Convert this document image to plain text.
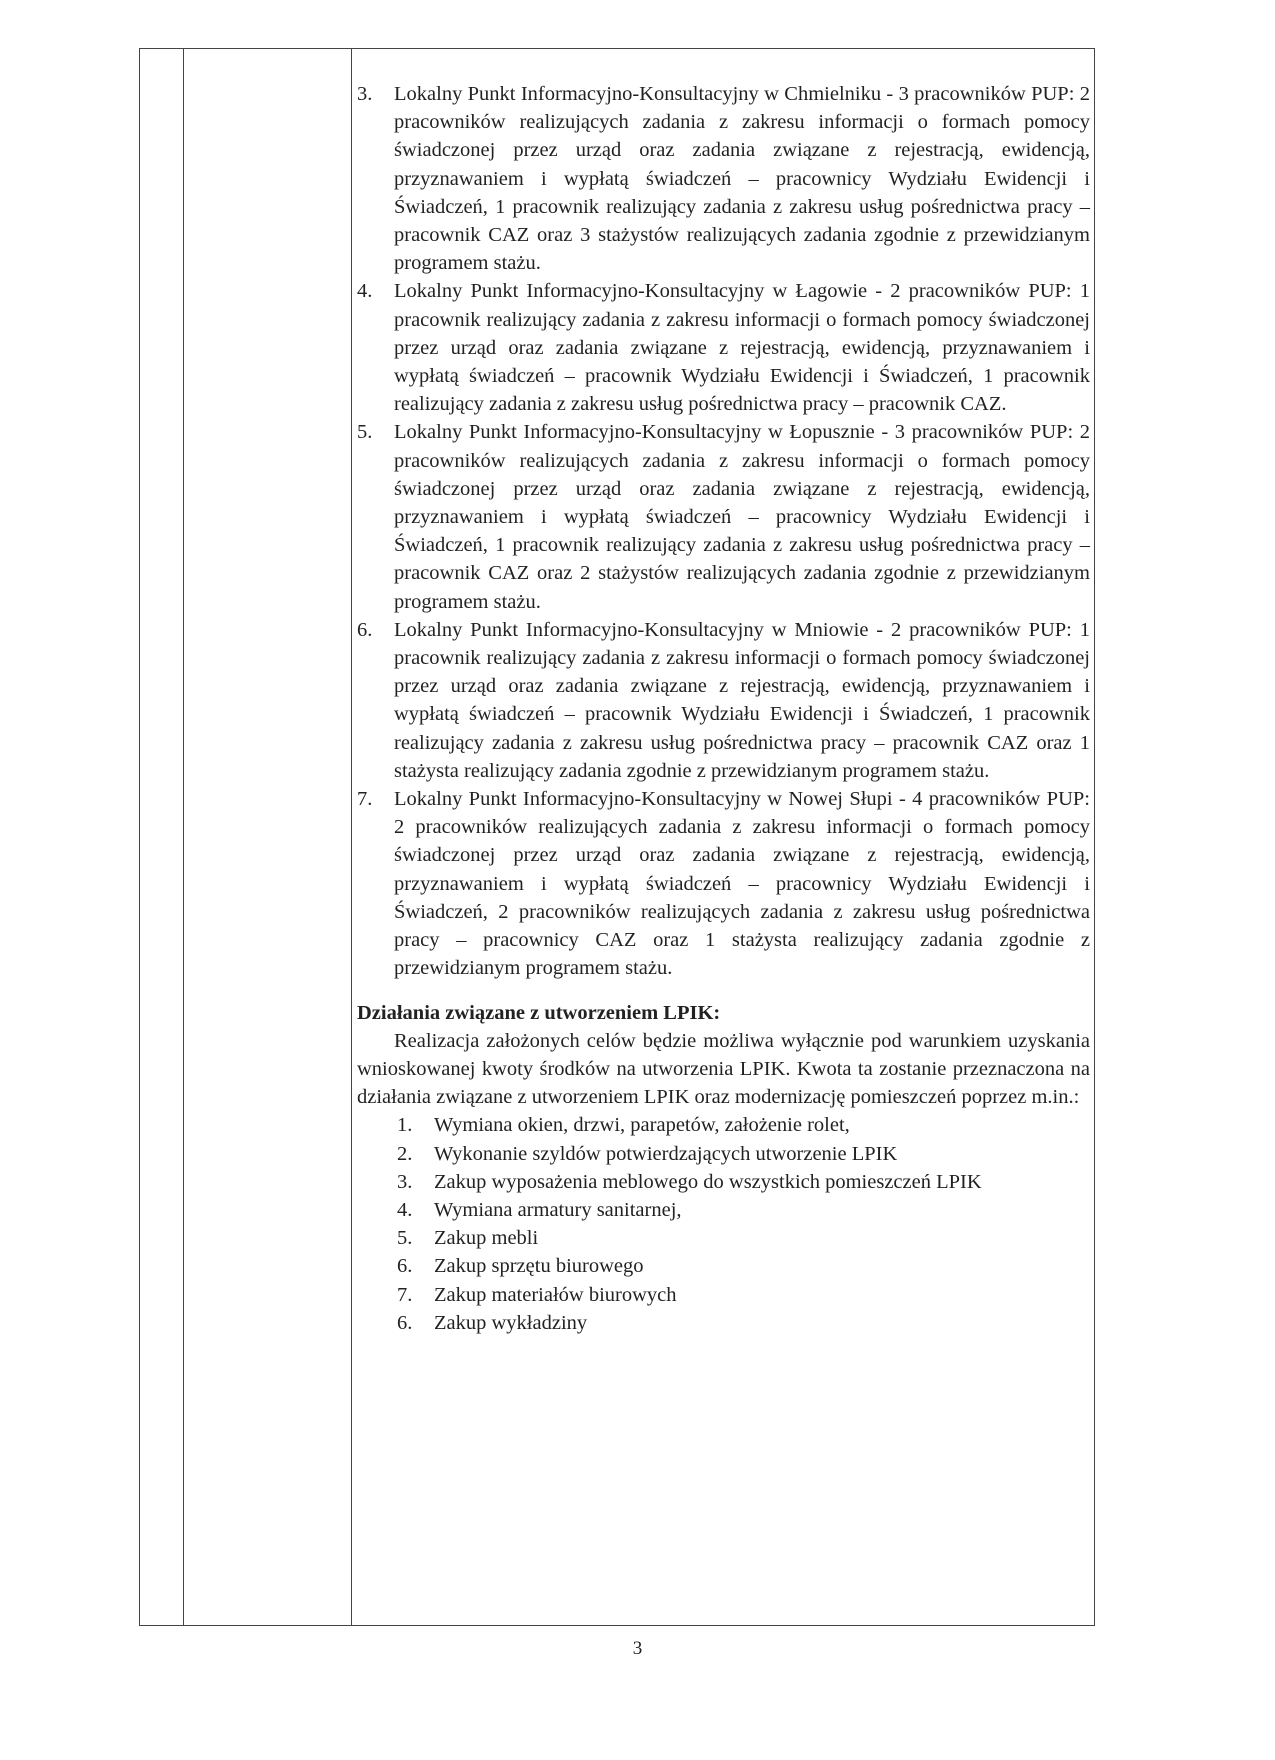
3. Lokalny Punkt Informacyjno-Konsultacyjny w Chmielniku - 3 pracowników PUP: 2 pracowników realizujących zadania z zakresu informacji o formach pomocy świadczonej przez urząd oraz zadania związane z rejestracją, ewidencją, przyznawaniem i wypłatą świadczeń – pracownicy Wydziału Ewidencji i Świadczeń, 1 pracownik realizujący zadania z zakresu usług pośrednictwa pracy – pracownik CAZ oraz 3 stażystów realizujących zadania zgodnie z przewidzianym programem stażu.
4. Lokalny Punkt Informacyjno-Konsultacyjny w Łagowie - 2 pracowników PUP: 1 pracownik realizujący zadania z zakresu informacji o formach pomocy świadczonej przez urząd oraz zadania związane z rejestracją, ewidencją, przyznawaniem i wypłatą świadczeń – pracownik Wydziału Ewidencji i Świadczeń, 1 pracownik realizujący zadania z zakresu usług pośrednictwa pracy – pracownik CAZ.
5. Lokalny Punkt Informacyjno-Konsultacyjny w Łopusznie - 3 pracowników PUP: 2 pracowników realizujących zadania z zakresu informacji o formach pomocy świadczonej przez urząd oraz zadania związane z rejestracją, ewidencją, przyznawaniem i wypłatą świadczeń – pracownicy Wydziału Ewidencji i Świadczeń, 1 pracownik realizujący zadania z zakresu usług pośrednictwa pracy – pracownik CAZ oraz 2 stażystów realizujących zadania zgodnie z przewidzianym programem stażu.
6. Lokalny Punkt Informacyjno-Konsultacyjny w Mniowie - 2 pracowników PUP: 1 pracownik realizujący zadania z zakresu informacji o formach pomocy świadczonej przez urząd oraz zadania związane z rejestracją, ewidencją, przyznawaniem i wypłatą świadczeń – pracownik Wydziału Ewidencji i Świadczeń, 1 pracownik realizujący zadania z zakresu usług pośrednictwa pracy – pracownik CAZ oraz 1 stażysta realizujący zadania zgodnie z przewidzianym programem stażu.
7. Lokalny Punkt Informacyjno-Konsultacyjny w Nowej Słupi - 4 pracowników PUP: 2 pracowników realizujących zadania z zakresu informacji o formach pomocy świadczonej przez urząd oraz zadania związane z rejestracją, ewidencją, przyznawaniem i wypłatą świadczeń – pracownicy Wydziału Ewidencji i Świadczeń, 2 pracowników realizujących zadania z zakresu usług pośrednictwa pracy – pracownicy CAZ oraz 1 stażysta realizujący zadania zgodnie z przewidzianym programem stażu.
Działania związane z utworzeniem LPIK:
Realizacja założonych celów będzie możliwa wyłącznie pod warunkiem uzyskania wnioskowanej kwoty środków na utworzenia LPIK. Kwota ta zostanie przeznaczona na działania związane z utworzeniem LPIK oraz modernizację pomieszczeń poprzez m.in.:
1. Wymiana okien, drzwi, parapetów, założenie rolet,
2. Wykonanie szyldów potwierdzających utworzenie LPIK
3. Zakup wyposażenia meblowego do wszystkich pomieszczeń LPIK
4. Wymiana armatury sanitarnej,
5. Zakup mebli
6. Zakup sprzętu biurowego
7. Zakup materiałów biurowych
6. Zakup wykładziny
3
